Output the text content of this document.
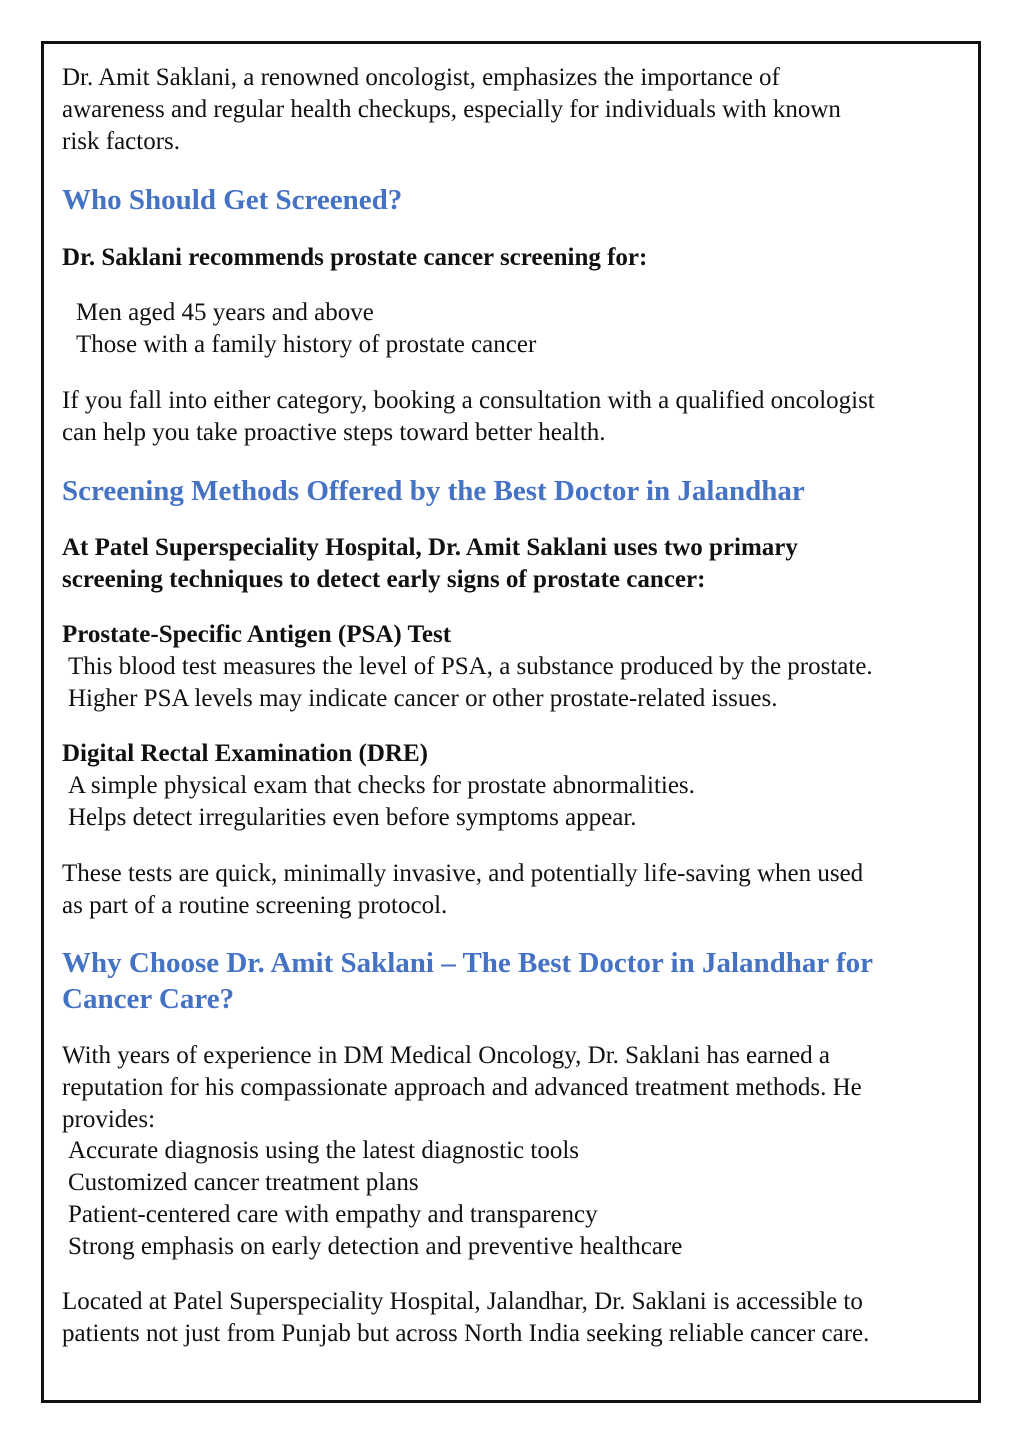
Dr. Amit Saklani, a renowned oncologist, emphasizes the importance of

awareness and regular health checkups, especially for individuals with known

risk factors.

Who Should Get Screened?

Dr. Saklani recommends prostate cancer screening for:

Men aged 45 years and above

Those with a family history of prostate cancer

If you fall into either category, booking a consultation with a qualified oncologist

can help you take proactive steps toward better health.

Screening Methods Offered by the Best Doctor in Jalandhar

At Patel Superspeciality Hospital, Dr. Amit Saklani uses two primary

screening techniques to detect early signs of prostate cancer:

Prostate-Specific Antigen (PSA) Test

This blood test measures the level of PSA, a substance produced by the prostate.

Higher PSA levels may indicate cancer or other prostate-related issues.

Digital Rectal Examination (DRE)

A simple physical exam that checks for prostate abnormalities.

Helps detect irregularities even before symptoms appear.

These tests are quick, minimally invasive, and potentially life-saving when used

as part of a routine screening protocol.

Why Choose Dr. Amit Saklani – The Best Doctor in Jalandhar for
Cancer Care?

With years of experience in DM Medical Oncology, Dr. Saklani has earned a

reputation for his compassionate approach and advanced treatment methods. He

provides:

Accurate diagnosis using the latest diagnostic tools

Customized cancer treatment plans

Patient-centered care with empathy and transparency

Strong emphasis on early detection and preventive healthcare

Located at Patel Superspeciality Hospital, Jalandhar, Dr. Saklani is accessible to

patients not just from Punjab but across North India seeking reliable cancer care.
